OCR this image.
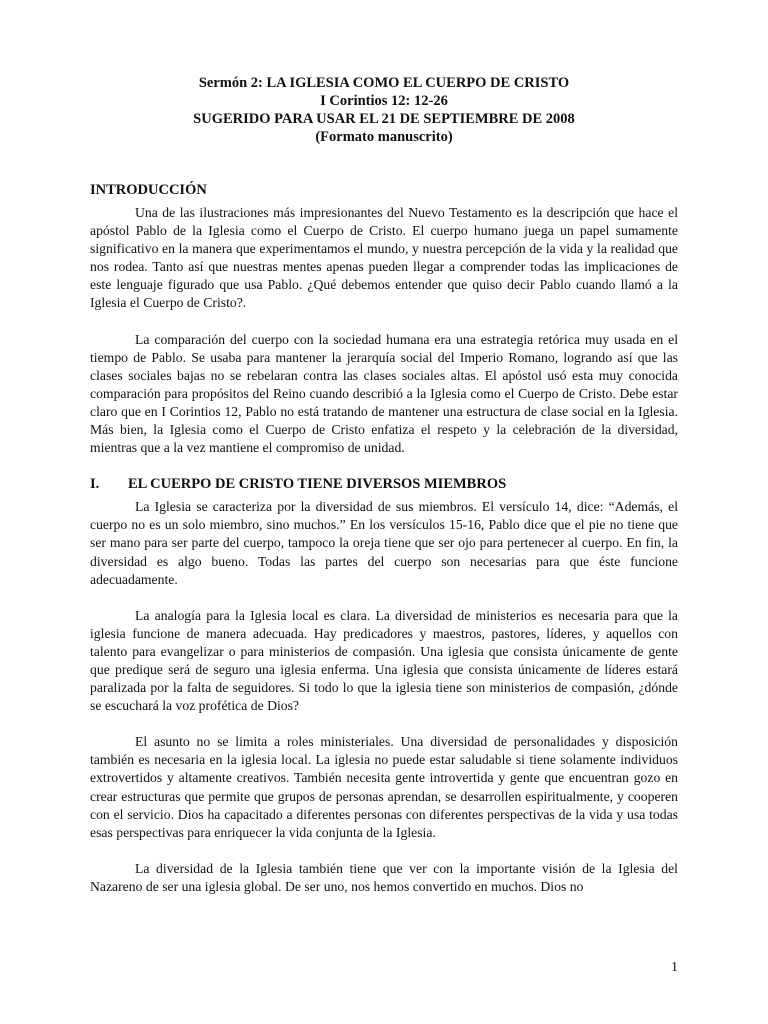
Sermón 2: LA IGLESIA COMO EL CUERPO DE CRISTO
I Corintios 12: 12-26
SUGERIDO PARA USAR EL 21 DE SEPTIEMBRE DE 2008
(Formato manuscrito)
INTRODUCCIÓN

Una de las ilustraciones más impresionantes del Nuevo Testamento es la descripción que hace el apóstol Pablo de la Iglesia como el Cuerpo de Cristo. El cuerpo humano juega un papel sumamente significativo en la manera que experimentamos el mundo, y nuestra percepción de la vida y la realidad que nos rodea. Tanto así que nuestras mentes apenas pueden llegar a comprender todas las implicaciones de este lenguaje figurado que usa Pablo. ¿Qué debemos entender que quiso decir Pablo cuando llamó a la Iglesia el Cuerpo de Cristo?.

La comparación del cuerpo con la sociedad humana era una estrategia retórica muy usada en el tiempo de Pablo. Se usaba para mantener la jerarquía social del Imperio Romano, logrando así que las clases sociales bajas no se rebelaran contra las clases sociales altas. El apóstol usó esta muy conocida comparación para propósitos del Reino cuando describió a la Iglesia como el Cuerpo de Cristo. Debe estar claro que en I Corintios 12, Pablo no está tratando de mantener una estructura de clase social en la Iglesia. Más bien, la Iglesia como el Cuerpo de Cristo enfatiza el respeto y la celebración de la diversidad, mientras que a la vez mantiene el compromiso de unidad.

I. EL CUERPO DE CRISTO TIENE DIVERSOS MIEMBROS

La Iglesia se caracteriza por la diversidad de sus miembros. El versículo 14, dice: “Además, el cuerpo no es un solo miembro, sino muchos.” En los versículos 15-16, Pablo dice que el pie no tiene que ser mano para ser parte del cuerpo, tampoco la oreja tiene que ser ojo para pertenecer al cuerpo. En fin, la diversidad es algo bueno. Todas las partes del cuerpo son necesarias para que éste funcione adecuadamente.

La analogía para la Iglesia local es clara. La diversidad de ministerios es necesaria para que la iglesia funcione de manera adecuada. Hay predicadores y maestros, pastores, líderes, y aquellos con talento para evangelizar o para ministerios de compasión. Una iglesia que consista únicamente de gente que predique será de seguro una iglesia enferma. Una iglesia que consista únicamente de líderes estará paralizada por la falta de seguidores. Si todo lo que la iglesia tiene son ministerios de compasión, ¿dónde se escuchará la voz profética de Dios?

El asunto no se limita a roles ministeriales. Una diversidad de personalidades y disposición también es necesaria en la iglesia local. La iglesia no puede estar saludable si tiene solamente individuos extrovertidos y altamente creativos. También necesita gente introvertida y gente que encuentran gozo en crear estructuras que permite que grupos de personas aprendan, se desarrollen espiritualmente, y cooperen con el servicio. Dios ha capacitado a diferentes personas con diferentes perspectivas de la vida y usa todas esas perspectivas para enriquecer la vida conjunta de la Iglesia.

La diversidad de la Iglesia también tiene que ver con la importante visión de la Iglesia del Nazareno de ser una iglesia global. De ser uno, nos hemos convertido en muchos. Dios no

1
